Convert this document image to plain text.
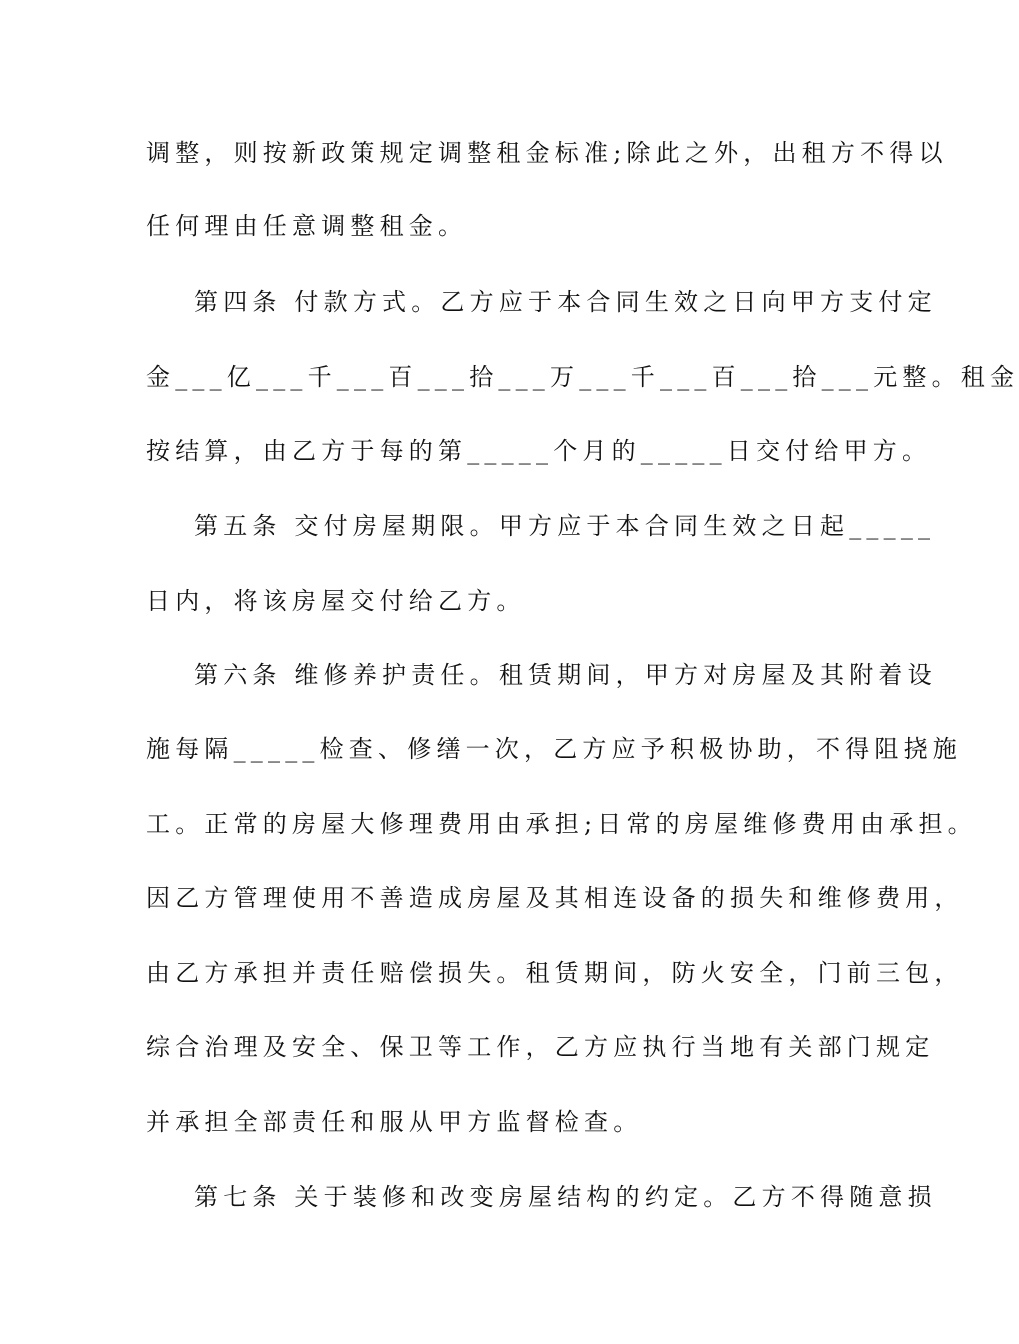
调整，则按新政策规定调整租金标准;除此之外，出租方不得以
任何理由任意调整租金。
第四条 付款方式。乙方应于本合同生效之日向甲方支付定
金___亿___千___百___拾___万___千___百___拾___元整。租金
按结算，由乙方于每的第_____个月的_____日交付给甲方。
第五条 交付房屋期限。甲方应于本合同生效之日起_____
日内，将该房屋交付给乙方。
第六条 维修养护责任。租赁期间，甲方对房屋及其附着设
施每隔_____检查、修缮一次，乙方应予积极协助，不得阻挠施
工。正常的房屋大修理费用由承担;日常的房屋维修费用由承担。
因乙方管理使用不善造成房屋及其相连设备的损失和维修费用，
由乙方承担并责任赔偿损失。租赁期间，防火安全，门前三包，
综合治理及安全、保卫等工作，乙方应执行当地有关部门规定
并承担全部责任和服从甲方监督检查。
第七条 关于装修和改变房屋结构的约定。乙方不得随意损
